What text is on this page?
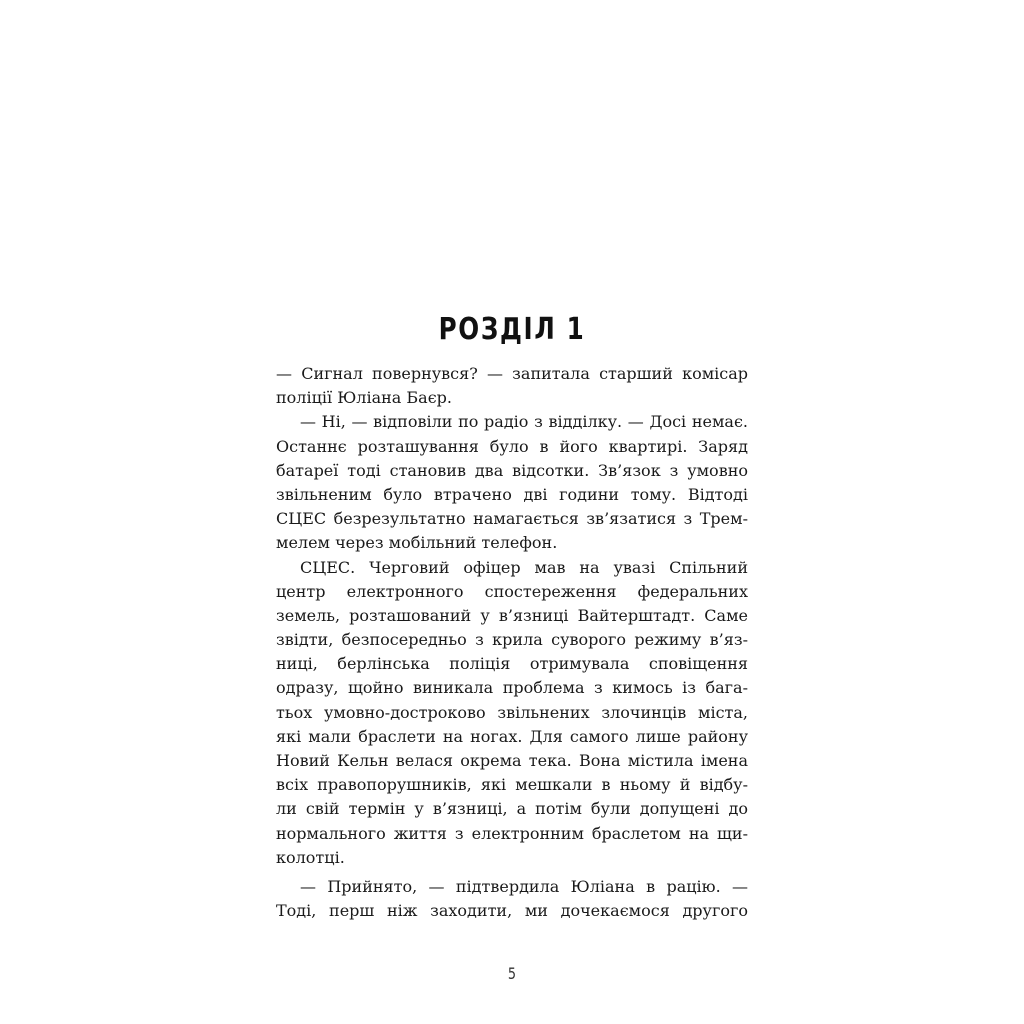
РОЗДІЛ 1
— Сигнал повернувся? — запитала старший комісар
поліції Юліана Баєр.
— Ні, — відповіли по радіо з відділку. — Досі немає.
Останнє розташування було в його квартирі. Заряд
батареї тоді становив два відсотки. Зв’язок з умовно
звільненим було втрачено дві години тому. Відтоді
СЦЕС безрезультатно намагається зв’язатися з Трем-
мелем через мобільний телефон.
СЦЕС. Черговий офіцер мав на увазі Спільний
центр електронного спостереження федеральних
земель, розташований у в’язниці Вайтерштадт. Саме
звідти, безпосередньо з крила суворого режиму в’яз-
ниці, берлінська поліція отримувала сповіщення
одразу, щойно виникала проблема з кимось із бага-
тьох умовно-достроково звільнених злочинців міста,
які мали браслети на ногах. Для самого лише району
Новий Кельн велася окрема тека. Вона містила імена
всіх правопорушників, які мешкали в ньому й відбу-
ли свій термін у в’язниці, а потім були допущені до
нормального життя з електронним браслетом на щи-
колотці.
— Прийнято, — підтвердила Юліана в рацію. —
Тоді, перш ніж заходити, ми дочекаємося другого
5
